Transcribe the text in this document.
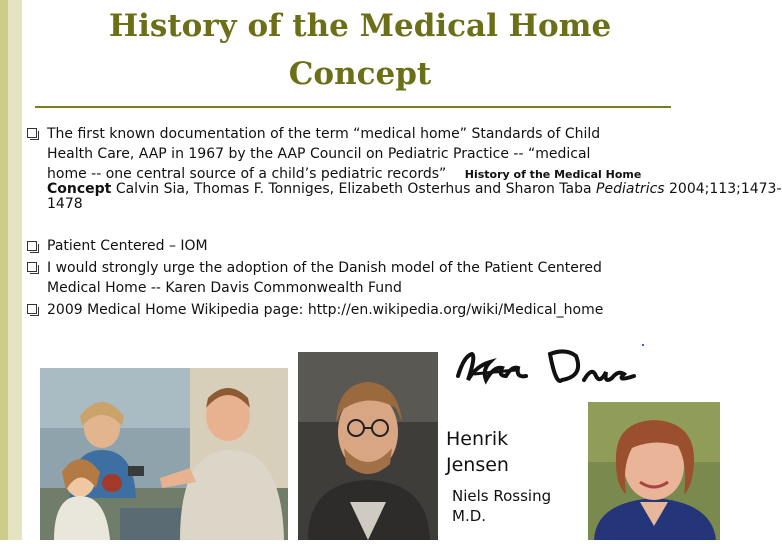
History of the Medical Home
Concept
The first known documentation of the term “medical home” Standards of Child
Health Care, AAP in 1967 by the AAP Council on Pediatric Practice -- “medical
home -- one central source of a child’s pediatric records” History of the Medical Home
Concept Calvin Sia, Thomas F. Tonniges, Elizabeth Osterhus and Sharon Taba Pediatrics 2004;113;1473-
1478
Patient Centered – IOM
I would strongly urge the adoption of the Danish model of the Patient Centered
Medical Home -- Karen Davis Commonwealth Fund
2009 Medical Home Wikipedia page: http://en.wikipedia.org/wiki/Medical_home
Henrik
Jensen
Niels Rossing
M.D.
